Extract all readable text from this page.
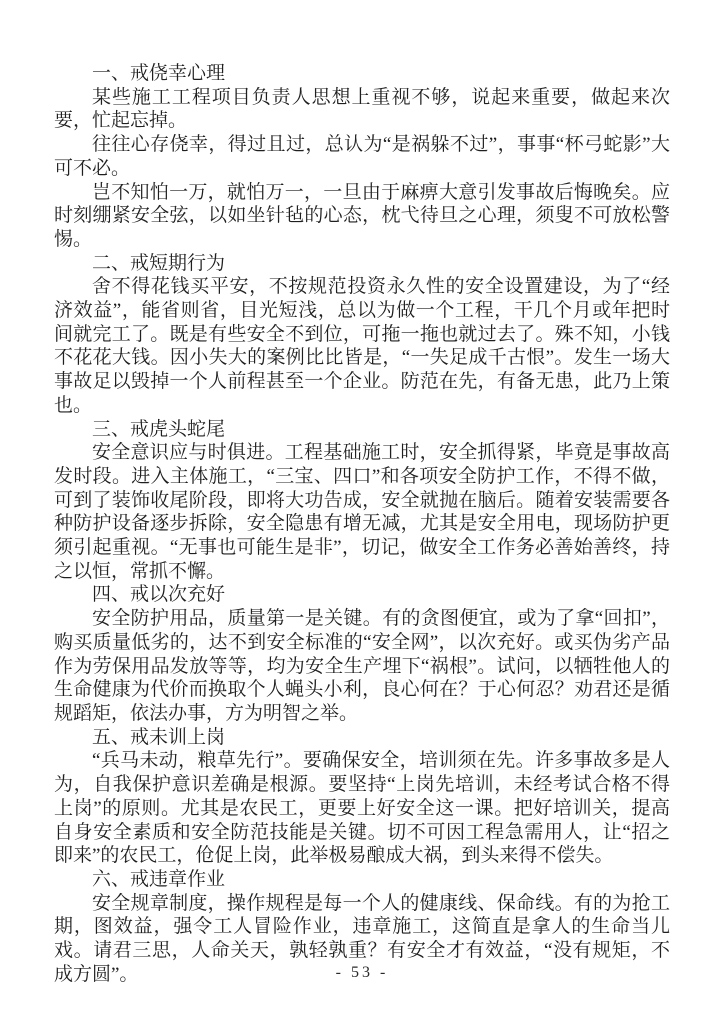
一、戒侥幸心理

某些施工工程项目负责人思想上重视不够，说起来重要，做起来次要，忙起忘掉。

往往心存侥幸，得过且过，总认为“是祸躲不过”，事事“杯弓蛇影”大可不必。

岂不知怕一万，就怕万一，一旦由于麻痹大意引发事故后悔晚矣。应时刻绷紧安全弦，以如坐针毡的心态，枕弋待旦之心理，须叟不可放松警惕。

二、戒短期行为

舍不得花钱买平安，不按规范投资永久性的安全设置建设，为了“经济效益”，能省则省，目光短浅，总以为做一个工程，干几个月或年把时间就完工了。既是有些安全不到位，可拖一拖也就过去了。殊不知，小钱不花花大钱。因小失大的案例比比皆是，“一失足成千古恨”。发生一场大事故足以毁掉一个人前程甚至一个企业。防范在先，有备无患，此乃上策也。

三、戒虎头蛇尾

安全意识应与时俱进。工程基础施工时，安全抓得紧，毕竟是事故高发时段。进入主体施工，“三宝、四口”和各项安全防护工作，不得不做，可到了装饰收尾阶段，即将大功告成，安全就抛在脑后。随着安装需要各种防护设备逐步拆除，安全隐患有增无减，尤其是安全用电，现场防护更须引起重视。“无事也可能生是非”，切记，做安全工作务必善始善终，持之以恒，常抓不懈。

四、戒以次充好

安全防护用品，质量第一是关键。有的贪图便宜，或为了拿“回扣”，购买质量低劣的，达不到安全标准的“安全网”，以次充好。或买伪劣产品作为劳保用品发放等等，均为安全生产埋下“祸根”。试问，以牺牲他人的生命健康为代价而换取个人蝇头小利，良心何在？于心何忍？劝君还是循规蹈矩，依法办事，方为明智之举。

五、戒未训上岗

“兵马未动，粮草先行”。要确保安全，培训须在先。许多事故多是人为，自我保护意识差确是根源。要坚持“上岗先培训，未经考试合格不得上岗”的原则。尤其是农民工，更要上好安全这一课。把好培训关，提高自身安全素质和安全防范技能是关键。切不可因工程急需用人，让“招之即来”的农民工，伧促上岗，此举极易酿成大祸，到头来得不偿失。

六、戒违章作业

安全规章制度，操作规程是每一个人的健康线、保命线。有的为抢工期，图效益，强令工人冒险作业，违章施工，这简直是拿人的生命当儿戏。请君三思，人命关天，孰轻孰重？有安全才有效益，“没有规矩，不成方圆”。	- 53 -
